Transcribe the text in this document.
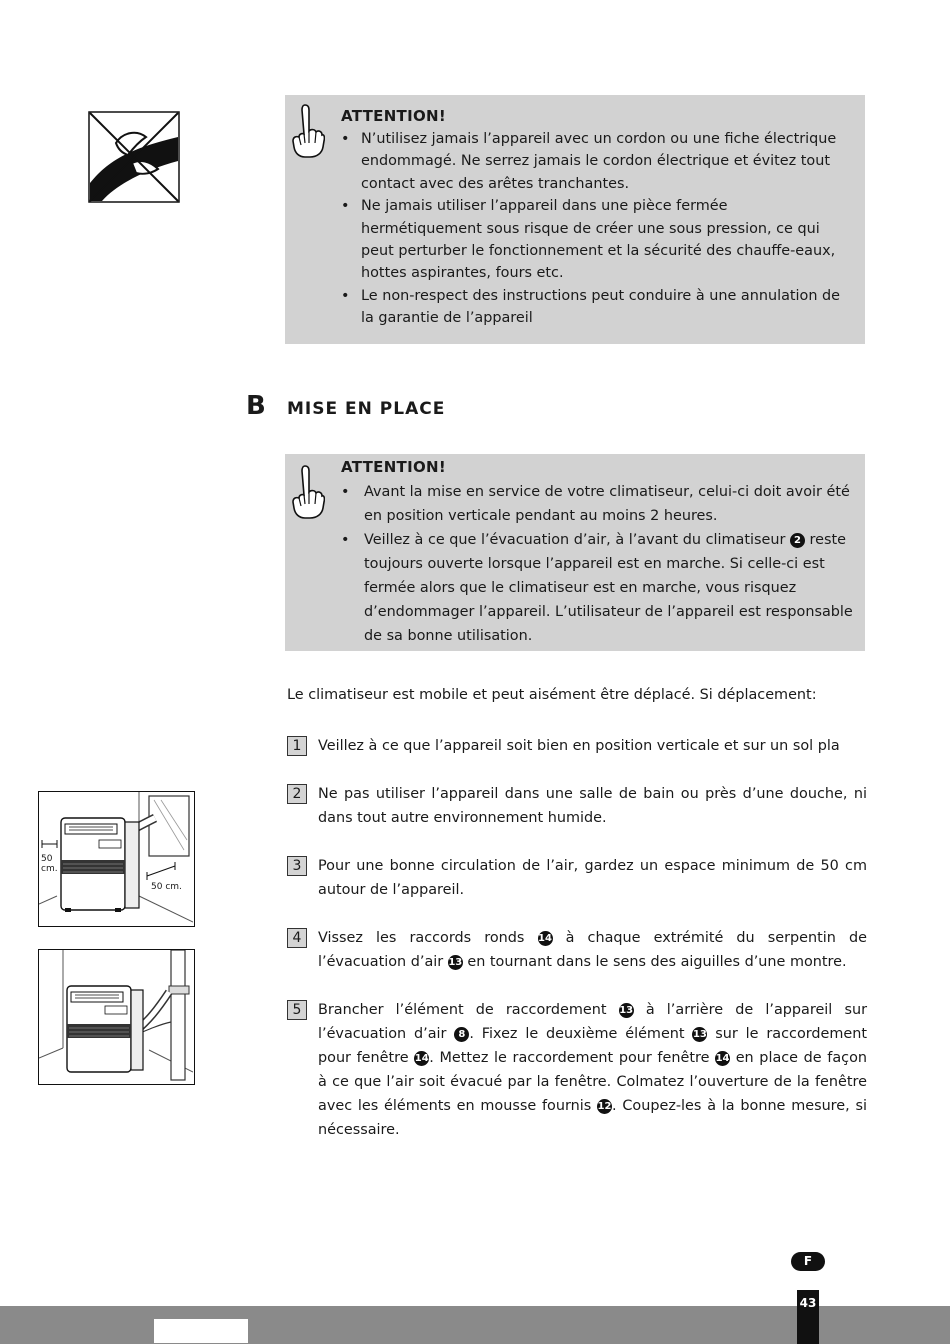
ATTENTION!
• N’utilisez jamais l’appareil avec un cordon ou une fiche électrique endommagé. Ne serrez jamais le cordon électrique et évitez tout contact avec des arêtes tranchantes.
• Ne jamais utiliser l’appareil dans une pièce fermée hermétiquement sous risque de créer une sous pression, ce qui peut perturber le fonctionnement et la sécurité des chauffe-eaux, hottes aspirantes, fours etc.
• Le non-respect des instructions peut conduire à une annulation de la garantie de l’appareil
B MISE EN PLACE
ATTENTION!
• Avant la mise en service de votre climatiseur, celui-ci doit avoir été en position verticale pendant au moins 2 heures.
• Veillez à ce que l’évacuation d’air, à l’avant du climatiseur 2 reste toujours ouverte lorsque l’appareil est en marche. Si celle-ci est fermée alors que le climatiseur est en marche, vous risquez d’endommager l’appareil. L’utilisateur de l’appareil est responsable de sa bonne utilisation.
Le climatiseur est mobile et peut aisément être déplacé. Si déplacement:
1	Veillez à ce que l’appareil soit bien en position verticale et sur un sol pla
2	Ne pas utiliser l’appareil dans une salle de bain ou près d’une douche, ni dans tout autre environnement humide.
3	Pour une bonne circulation de l’air, gardez un espace minimum de 50 cm autour de l’appareil.
4	Vissez les raccords ronds 14 à chaque extrémité du serpentin de l’évacuation d’air 13 en tournant dans le sens des aiguilles d’une montre.
5	Brancher l’élément de raccordement 13 à l’arrière de l’appareil sur l’évacuation d’air 8 . Fixez le deuxième élément 13 sur le raccordement pour fenêtre 14. Mettez le raccordement pour fenêtre 14 en place de façon à ce que l’air soit évacué par la fenêtre. Colmatez l’ouverture de la fenêtre avec les éléments en mousse fournis 12. Coupez-les à la bonne mesure, si nécessaire.
50
cm.
50 cm.
F
43
